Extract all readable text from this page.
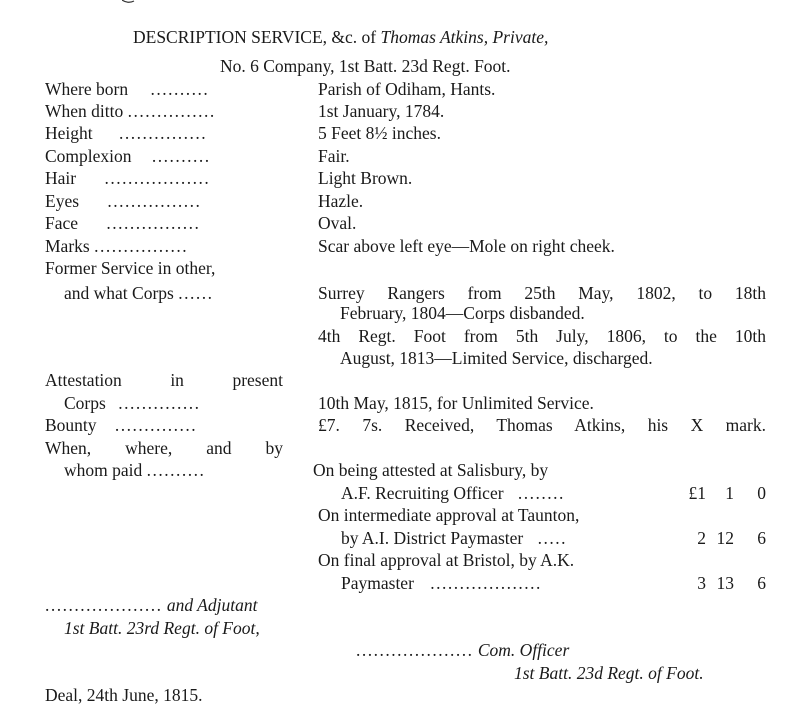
DESCRIPTION SERVICE, &c. of Thomas Atkins, Private,
No. 6 Company, 1st Batt. 23d Regt. Foot.
Where born ..........	Parish of Odiham, Hants.
When ditto ...............	1st January, 1784.
Height ...............	5 Feet 8½ inches.
Complexion ..........	Fair.
Hair ..................	Light Brown.
Eyes ................	Hazle.
Face ................	Oval.
Marks ................	Scar above left eye—Mole on right cheek.
Former Service in other,
and what Corps ......	Surrey Rangers from 25th May, 1802, to 18th
February, 1804—Corps disbanded.
4th Regt. Foot from 5th July, 1806, to the 10th
August, 1813—Limited Service, discharged.
Attestation in present
Corps ..............	10th May, 1815, for Unlimited Service.
Bounty ..............	£7. 7s. Received, Thomas Atkins, his X mark.
When, where, and by
whom paid ..........	On being attested at Salisbury, by
A.F. Recruiting Officer ........	£1	1	0
On intermediate approval at Taunton,
by A.I. District Paymaster .....	2 12	6
On final approval at Bristol, by A.K.
Paymaster ...................	3 13	6
.................... and Adjutant
1st Batt. 23rd Regt. of Foot,
.................... Com. Officer
1st Batt. 23d Regt. of Foot.
Deal, 24th June, 1815.
